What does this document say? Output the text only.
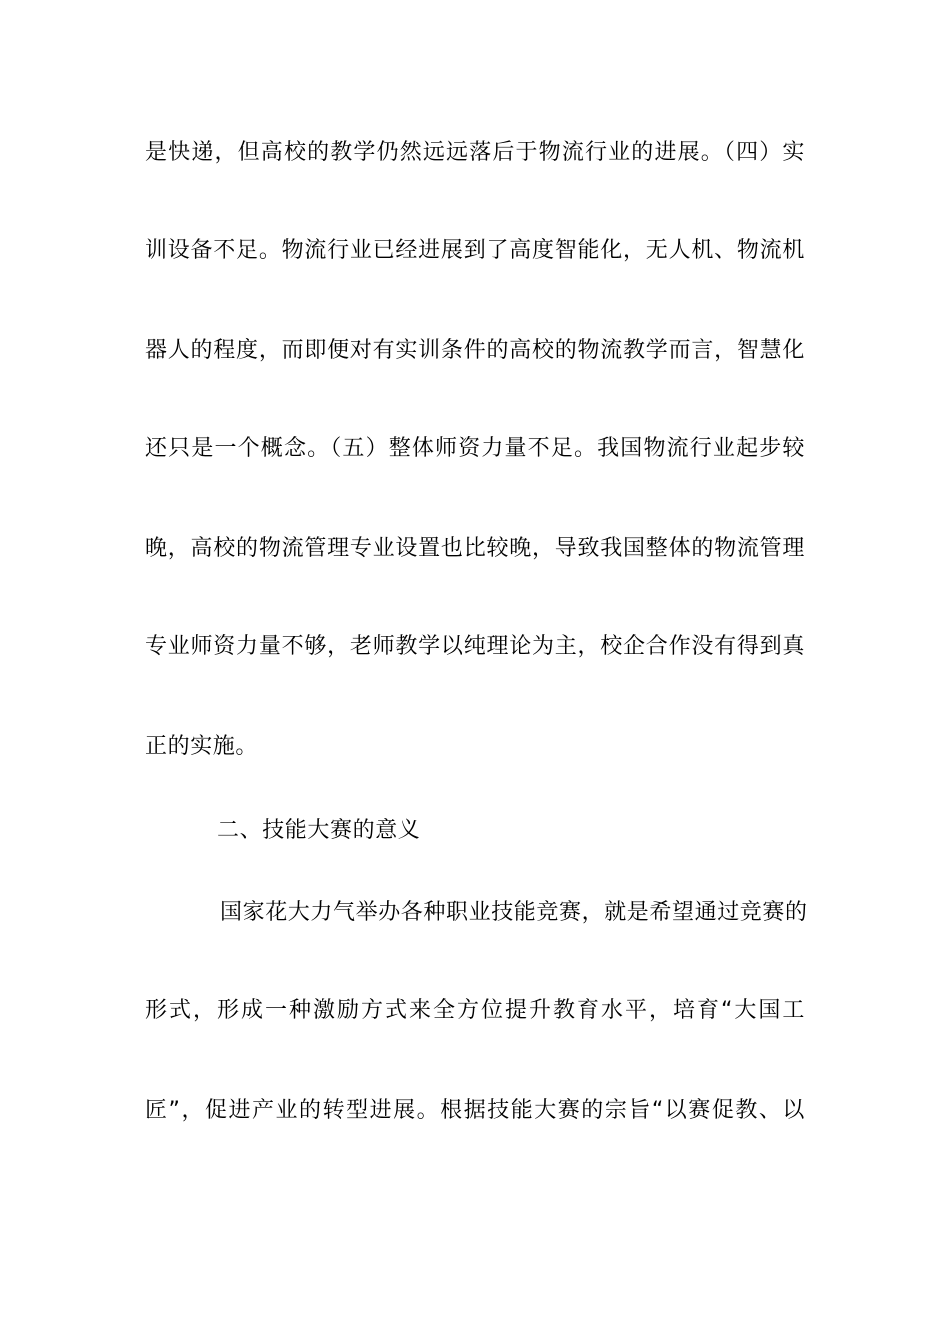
是快递，但高校的教学仍然远远落后于物流行业的进展。（四）实
训设备不足。物流行业已经进展到了高度智能化，无人机、物流机
器人的程度，而即便对有实训条件的高校的物流教学而言，智慧化
还只是一个概念。（五）整体师资力量不足。我国物流行业起步较
晚，高校的物流管理专业设置也比较晚，导致我国整体的物流管理
专业师资力量不够，老师教学以纯理论为主，校企合作没有得到真
正的实施。
二、技能大赛的意义
国家花大力气举办各种职业技能竞赛，就是希望通过竞赛的
形式，形成一种激励方式来全方位提升教育水平，培育“大国工
匠”，促进产业的转型进展。根据技能大赛的宗旨“以赛促教、以
